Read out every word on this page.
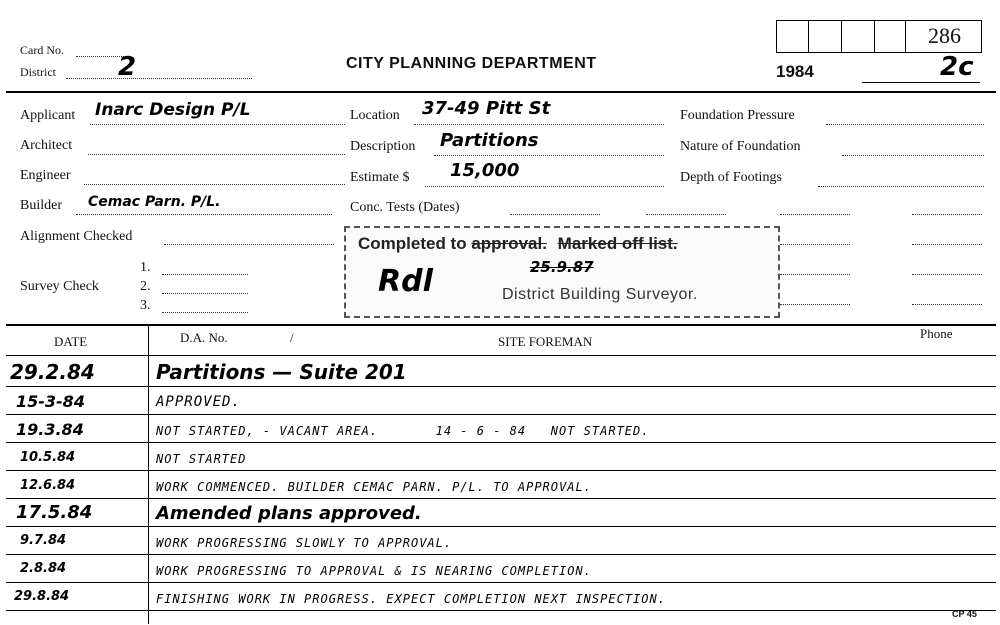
Card No.
District 2	CITY PLANNING DEPARTMENT
286
1984	2c
Applicant Inarc Design P/L
Architect
Engineer
Builder Cemac Parn. P/L.
Alignment Checked
Survey Check
1.
2.
3.
Location 37-49 Pitt St
Description Partitions
Estimate $ 15,000
Conc. Tests (Dates)
Foundation Pressure
Nature of Foundation
Depth of Footings
Completed to approval. Marked off list.
25.9.87
Rdl	District Building Surveyor.
DATE	D.A. No.	/	SITE FOREMAN
Phone
29.2.84	Partitions — Suite 201
15-3-84	APPROVED.
19.3.84	NOT STARTED, - VACANT AREA.       14 - 6 - 84   NOT STARTED.
10.5.84	NOT STARTED
12.6.84	WORK COMMENCED. BUILDER CEMAC PARN. P/L. TO APPROVAL.
17.5.84	Amended plans approved.
9.7.84	WORK PROGRESSING SLOWLY TO APPROVAL.
2.8.84	WORK PROGRESSING TO APPROVAL & IS NEARING COMPLETION.
29.8.84	FINISHING WORK IN PROGRESS. EXPECT COMPLETION NEXT INSPECTION.
CP 45
